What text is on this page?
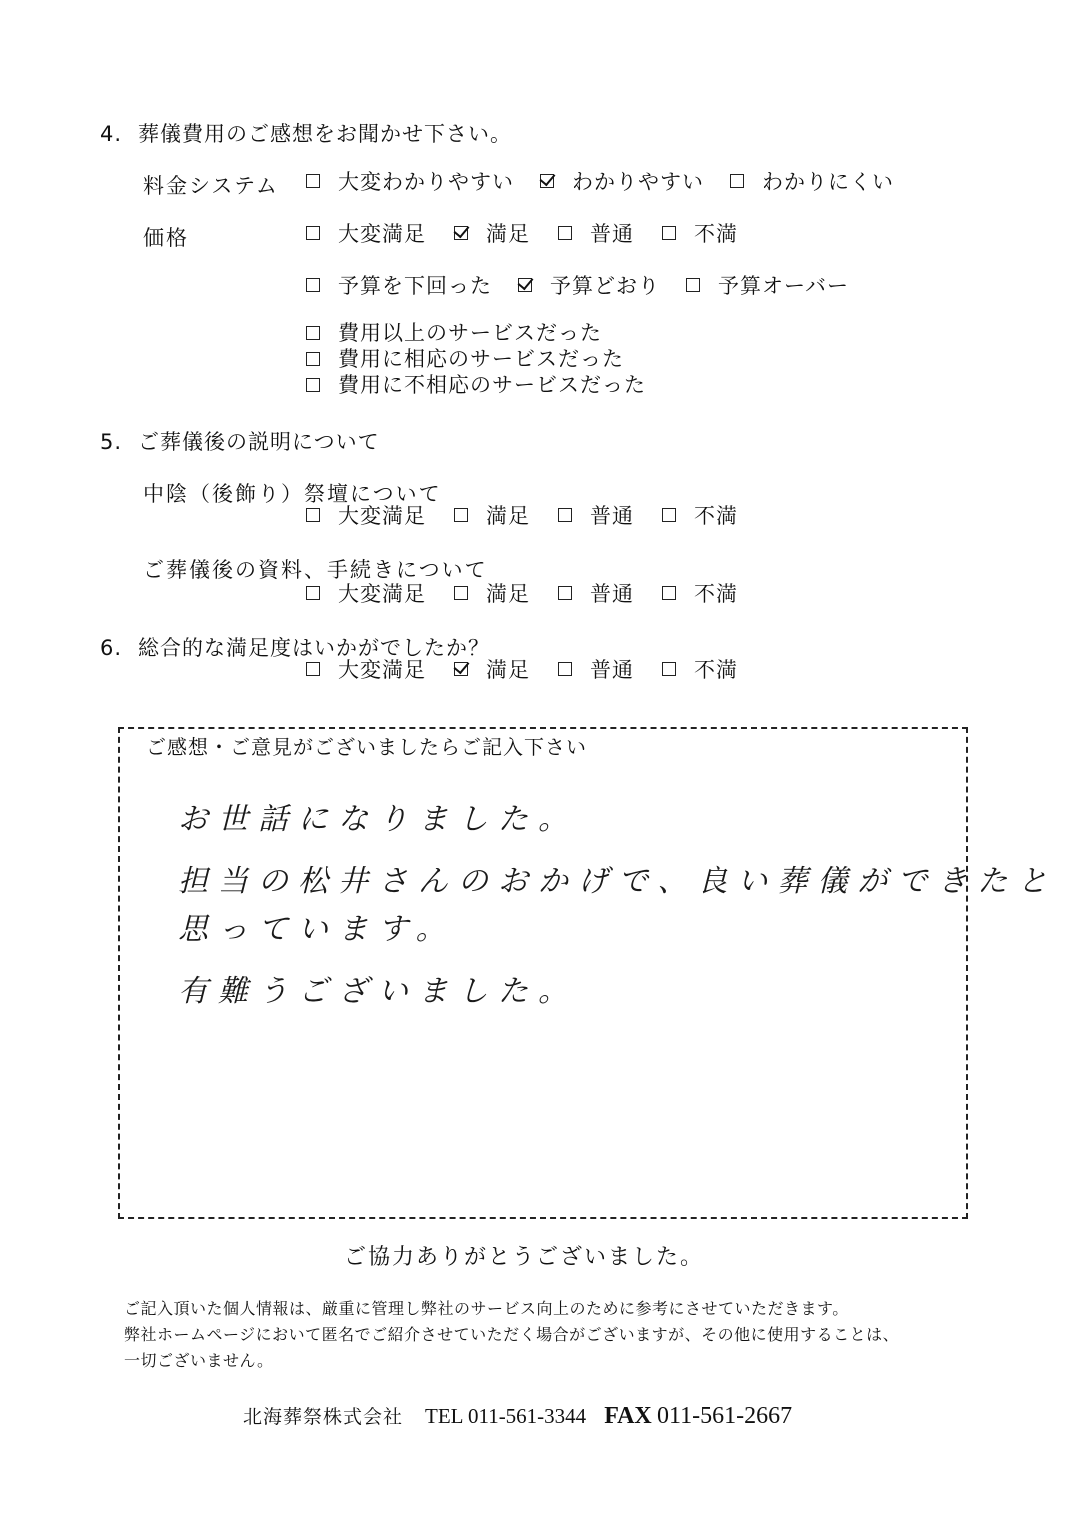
4. 葬儀費用のご感想をお聞かせ下さい。
料金システム	大変わかりやすい	わかりやすい	わかりにくい
価格	大変満足	満足	普通	不満
予算を下回った	予算どおり	予算オーバー
費用以上のサービスだった
費用に相応のサービスだった
費用に不相応のサービスだった
5. ご葬儀後の説明について
中陰（後飾り）祭壇について
大変満足	満足	普通	不満
ご葬儀後の資料、手続きについて
大変満足	満足	普通	不満
6. 総合的な満足度はいかがでしたか？
大変満足	満足	普通	不満
ご感想・ご意見がございましたらご記入下さい
お世話になりました。
担当の松井さんのおかげで、良い葬儀ができたと
思っています。
有難うございました。
ご協力ありがとうございました。
ご記入頂いた個人情報は、厳重に管理し弊社のサービス向上のために参考にさせていただきます。
弊社ホームページにおいて匿名でご紹介させていただく場合がございますが、その他に使用することは、
一切ございません。
北海葬祭株式会社 TEL 011-561-3344 FAX 011-561-2667
